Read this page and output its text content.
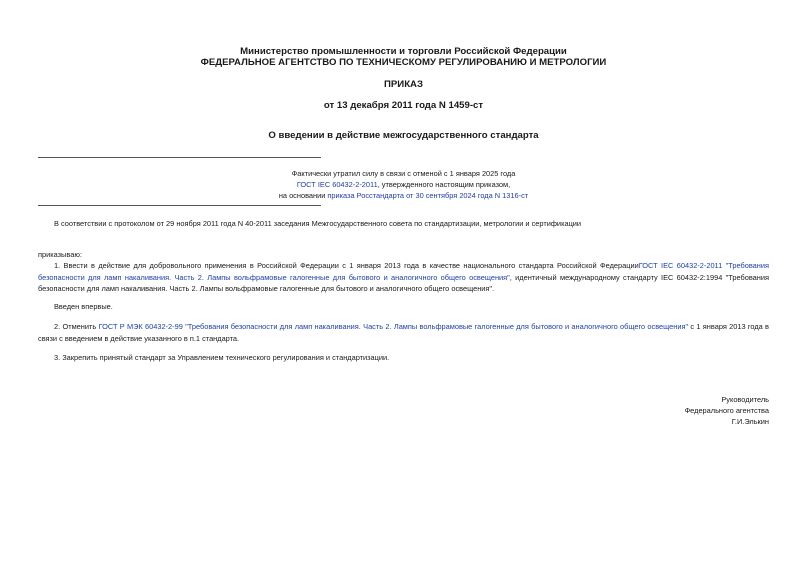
Министерство промышленности и торговли Российской Федерации
ФЕДЕРАЛЬНОЕ АГЕНТСТВО ПО ТЕХНИЧЕСКОМУ РЕГУЛИРОВАНИЮ И МЕТРОЛОГИИ
ПРИКАЗ
от 13 декабря 2011 года N 1459-ст
О введении в действие межгосударственного стандарта
Фактически утратил силу в связи с отменой с 1 января 2025 года
ГОСТ IEC 60432-2-2011, утвержденного настоящим приказом,
на основании приказа Росстандарта от 30 сентября 2024 года N 1316-ст
В соответствии с протоколом от 29 ноября 2011 года N 40-2011 заседания Межгосударственного совета по стандартизации, метрологии и сертификации
приказываю:
1. Ввести в действие для добровольного применения в Российской Федерации с 1 января 2013 года в качестве национального стандарта Российской ФедерацииГОСТ IEC 60432-2-2011 "Требования безопасности для ламп накаливания. Часть 2. Лампы вольфрамовые галогенные для бытового и аналогичного общего освещения", идентичный международному стандарту IEC 60432-2:1994 "Требования безопасности для ламп накаливания. Часть 2. Лампы вольфрамовые галогенные для бытового и аналогичного общего освещения".
Введен впервые.
2. Отменить ГОСТ Р МЭК 60432-2-99 "Требования безопасности для ламп накаливания. Часть 2. Лампы вольфрамовые галогенные для бытового и аналогичного общего освещения" с 1 января 2013 года в связи с введением в действие указанного в п.1 стандарта.
3. Закрепить принятый стандарт за Управлением технического регулирования и стандартизации.
Руководитель
Федерального агентства
Г.И.Элькин
